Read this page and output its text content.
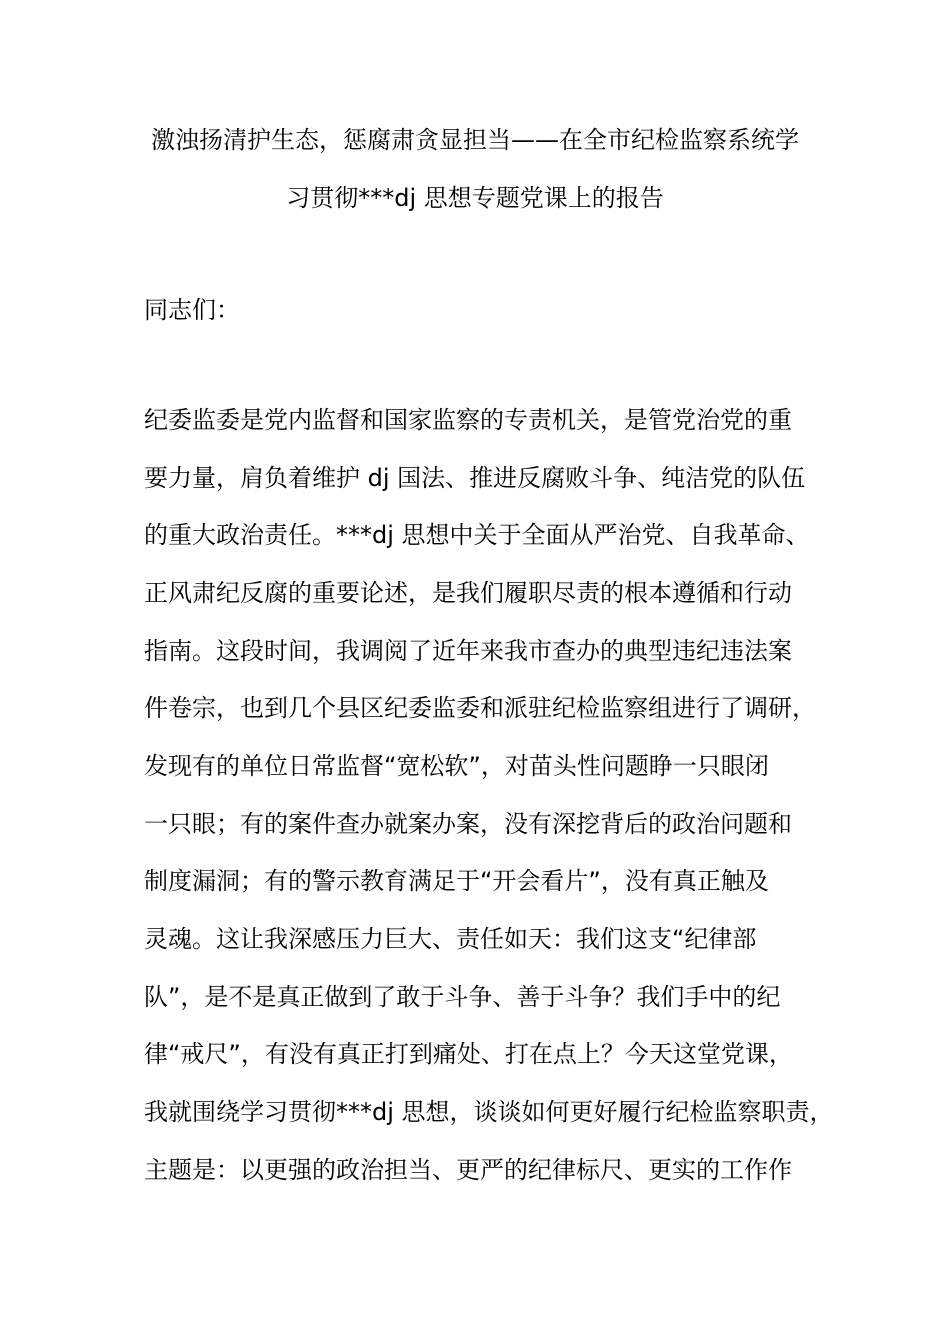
激浊扬清护生态，惩腐肃贪显担当——在全市纪检监察系统学
习贯彻***dj 思想专题党课上的报告
同志们：
纪委监委是党内监督和国家监察的专责机关，是管党治党的重
要力量，肩负着维护 dj 国法、推进反腐败斗争、纯洁党的队伍
的重大政治责任。***dj 思想中关于全面从严治党、自我革命、
正风肃纪反腐的重要论述，是我们履职尽责的根本遵循和行动
指南。这段时间，我调阅了近年来我市查办的典型违纪违法案
件卷宗，也到几个县区纪委监委和派驻纪检监察组进行了调研，
发现有的单位日常监督“宽松软”，对苗头性问题睁一只眼闭
一只眼；有的案件查办就案办案，没有深挖背后的政治问题和
制度漏洞；有的警示教育满足于“开会看片”，没有真正触及
灵魂。这让我深感压力巨大、责任如天：我们这支“纪律部
队”，是不是真正做到了敢于斗争、善于斗争？我们手中的纪
律“戒尺”，有没有真正打到痛处、打在点上？今天这堂党课，
我就围绕学习贯彻***dj 思想，谈谈如何更好履行纪检监察职责，
主题是：以更强的政治担当、更严的纪律标尺、更实的工作作
